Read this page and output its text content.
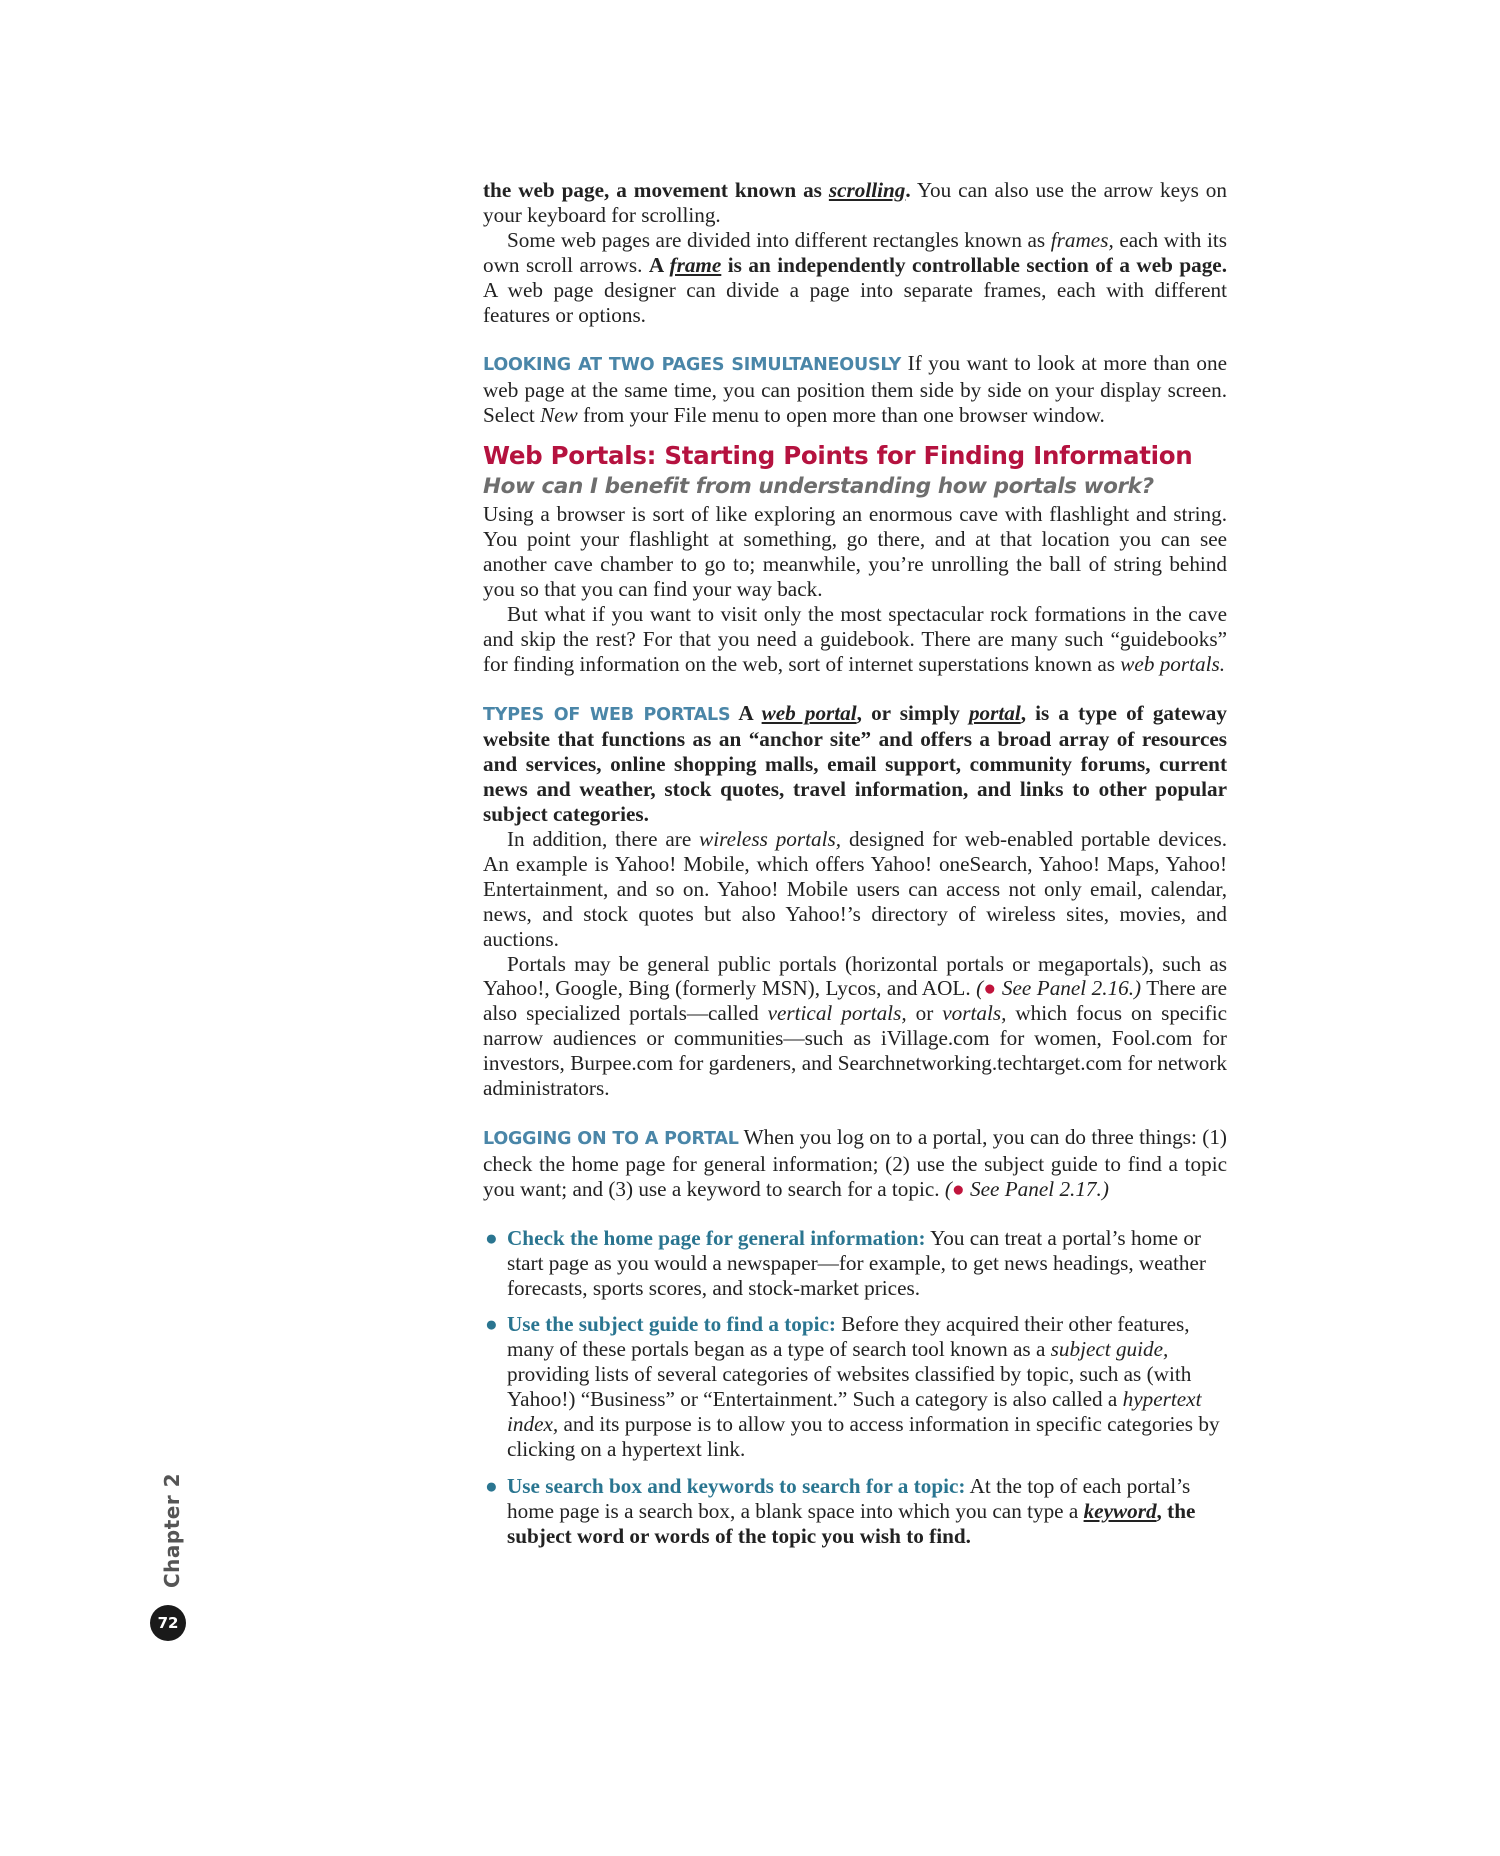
the web page, a movement known as scrolling. You can also use the arrow keys on your keyboard for scrolling.

Some web pages are divided into different rectangles known as frames, each with its own scroll arrows. A frame is an independently controllable section of a web page. A web page designer can divide a page into separate frames, each with different features or options.

LOOKING AT TWO PAGES SIMULTANEOUSLY If you want to look at more than one web page at the same time, you can position them side by side on your display screen. Select New from your File menu to open more than one browser window.

Web Portals: Starting Points for Finding Information

How can I benefit from understanding how portals work?

Using a browser is sort of like exploring an enormous cave with flashlight and string. You point your flashlight at something, go there, and at that location you can see another cave chamber to go to; meanwhile, you’re unrolling the ball of string behind you so that you can find your way back.

But what if you want to visit only the most spectacular rock formations in the cave and skip the rest? For that you need a guidebook. There are many such “guidebooks” for finding information on the web, sort of internet superstations known as web portals.

TYPES OF WEB PORTALS A web portal, or simply portal, is a type of gateway website that functions as an “anchor site” and offers a broad array of resources and services, online shopping malls, email support, community forums, current news and weather, stock quotes, travel information, and links to other popular subject categories.

In addition, there are wireless portals, designed for web-enabled portable devices. An example is Yahoo! Mobile, which offers Yahoo! oneSearch, Yahoo! Maps, Yahoo! Entertainment, and so on. Yahoo! Mobile users can access not only email, calendar, news, and stock quotes but also Yahoo!’s directory of wireless sites, movies, and auctions.

Portals may be general public portals (horizontal portals or megaportals), such as Yahoo!, Google, Bing (formerly MSN), Lycos, and AOL. (● See Panel 2.16.) There are also specialized portals—called vertical portals, or vortals, which focus on specific narrow audiences or communities—such as iVillage.com for women, Fool.com for investors, Burpee.com for gardeners, and Searchnetworking.techtarget.com for network administrators.

LOGGING ON TO A PORTAL When you log on to a portal, you can do three things: (1) check the home page for general information; (2) use the subject guide to find a topic you want; and (3) use a keyword to search for a topic. (● See Panel 2.17.)

● Check the home page for general information: You can treat a portal’s home or start page as you would a newspaper—for example, to get news headings, weather forecasts, sports scores, and stock-market prices.
● Use the subject guide to find a topic: Before they acquired their other features, many of these portals began as a type of search tool known as a subject guide, providing lists of several categories of websites classified by topic, such as (with Yahoo!) “Business” or “Entertainment.” Such a category is also called a hypertext index, and its purpose is to allow you to access information in specific categories by clicking on a hypertext link.
● Use search box and keywords to search for a topic: At the top of each portal’s home page is a search box, a blank space into which you can type a keyword, the subject word or words of the topic you wish to find.
Chapter 2
72
